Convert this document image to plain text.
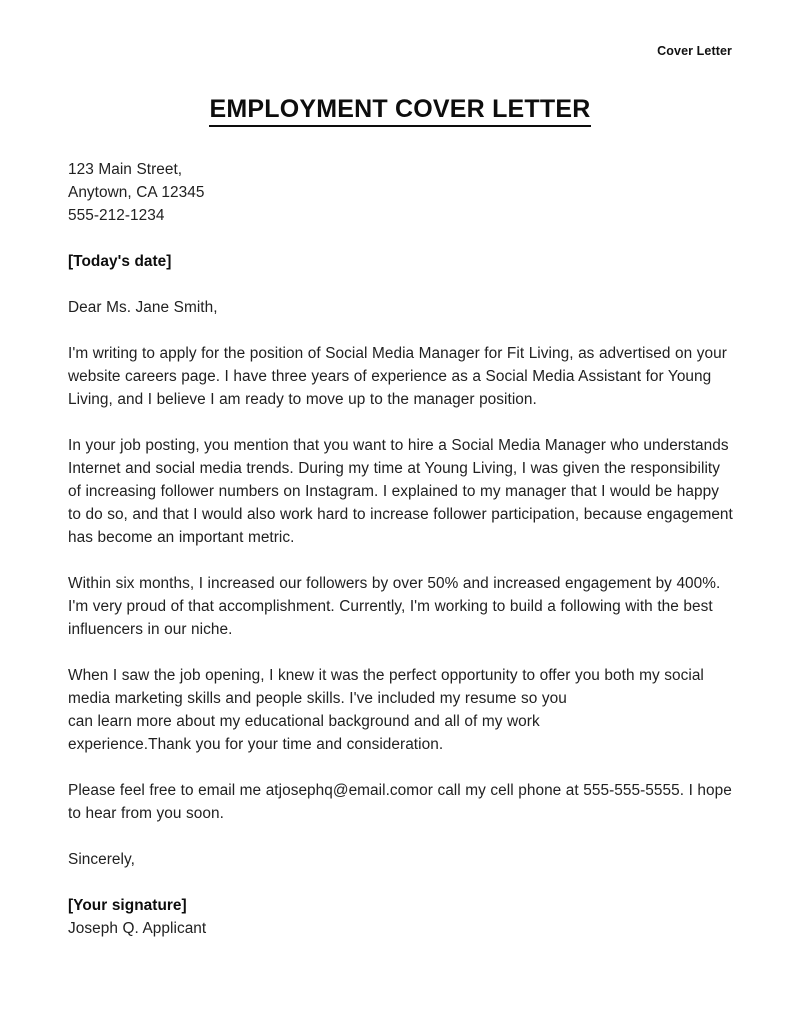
Cover Letter
EMPLOYMENT COVER LETTER
123 Main Street,
Anytown, CA 12345
555-212-1234
[Today's date]
Dear Ms. Jane Smith,

I'm writing to apply for the position of Social Media Manager for Fit Living, as advertised on your website careers page. I have three years of experience as a Social Media Assistant for Young Living, and I believe I am ready to move up to the manager position.

In your job posting, you mention that you want to hire a Social Media Manager who understands Internet and social media trends. During my time at Young Living, I was given the responsibility of increasing follower numbers on Instagram. I explained to my manager that I would be happy to do so, and that I would also work hard to increase follower participation, because engagement has become an important metric.

Within six months, I increased our followers by over 50% and increased engagement by 400%. I'm very proud of that accomplishment. Currently, I'm working to build a following with the best influencers in our niche.

When I saw the job opening, I knew it was the perfect opportunity to offer you both my social media marketing skills and people skills. I've included my resume so you
can learn more about my educational background and all of my work
experience.Thank you for your time and consideration.

Please feel free to email me atjosephq@email.comor call my cell phone at 555-555-5555. I hope to hear from you soon.

Sincerely,
[Your signature]
Joseph Q. Applicant
